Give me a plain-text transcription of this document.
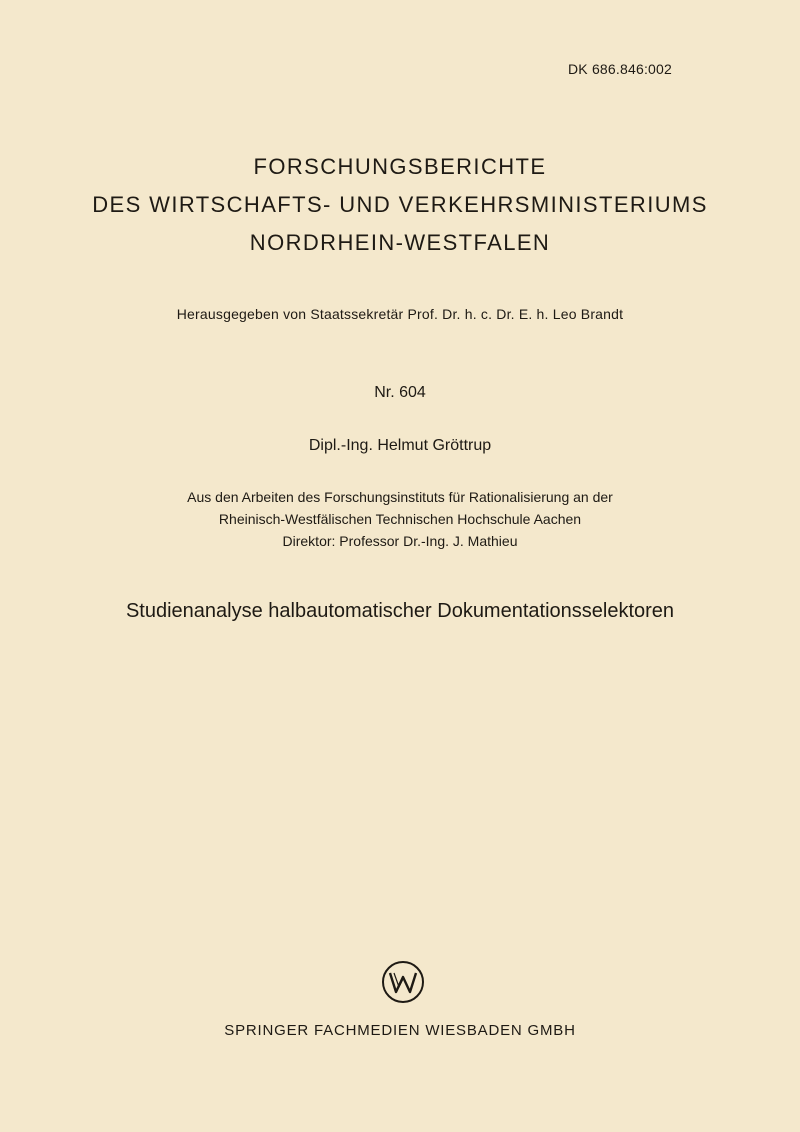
DK 686.846:002
FORSCHUNGSBERICHTE
DES WIRTSCHAFTS- UND VERKEHRSMINISTERIUMS
NORDRHEIN-WESTFALEN
Herausgegeben von Staatssekretär Prof. Dr. h. c. Dr. E. h. Leo Brandt
Nr. 604
Dipl.-Ing. Helmut Gröttrup
Aus den Arbeiten des Forschungsinstituts für Rationalisierung an der
Rheinisch-Westfälischen Technischen Hochschule Aachen
Direktor: Professor Dr.-Ing. J. Mathieu
Studienanalyse halbautomatischer Dokumentationsselektoren
SPRINGER FACHMEDIEN WIESBADEN GMBH
